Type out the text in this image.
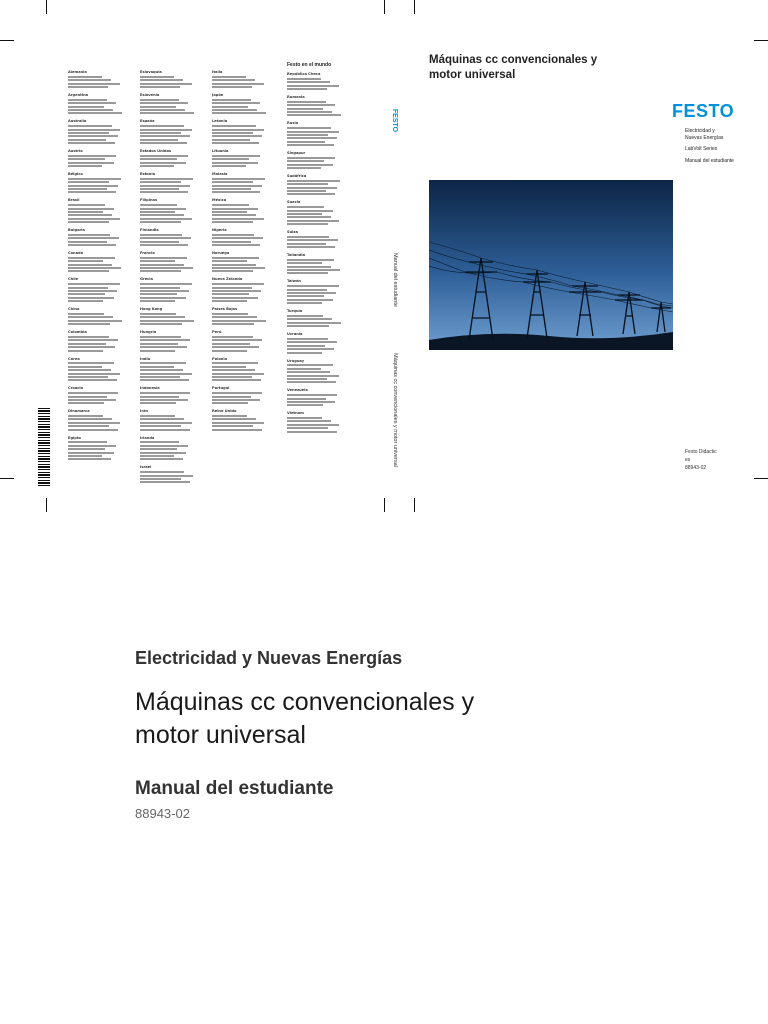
Festo en el mundo
Alemania
Argentina
Australia
Austria
Bélgica
Brasil
Bulgaria
Canadá
Chile
China
Colombia
Corea
Croacia
Dinamarca
Egipto
Eslovaquia
Eslovenia
España
Estados Unidos
Estonia
Filipinas
Finlandia
Francia
Grecia
Hong Kong
Hungría
India
Indonesia
Irán
Irlanda
Israel
Italia
Japón
Letonia
Lituania
Malasia
México
Nigeria
Noruega
Nueva Zelanda
Países Bajos
Perú
Polonia
Portugal
Reino Unido
República Checa
Rumania
Rusia
Singapur
Sudáfrica
Suecia
Suiza
Tailandia
Taiwán
Turquía
Ucrania
Uruguay
Venezuela
Vietnam
FESTO
Manual del estudiante
Máquinas cc convencionales y motor universal
Máquinas cc convencionales y
motor universal
FESTO
Electricidad y
Nuevas Energías
LabVolt Series
Manual del estudiante
Festo Didactic
es
88943-02
Electricidad y Nuevas Energías
Máquinas cc convencionales y
motor universal
Manual del estudiante
88943-02
